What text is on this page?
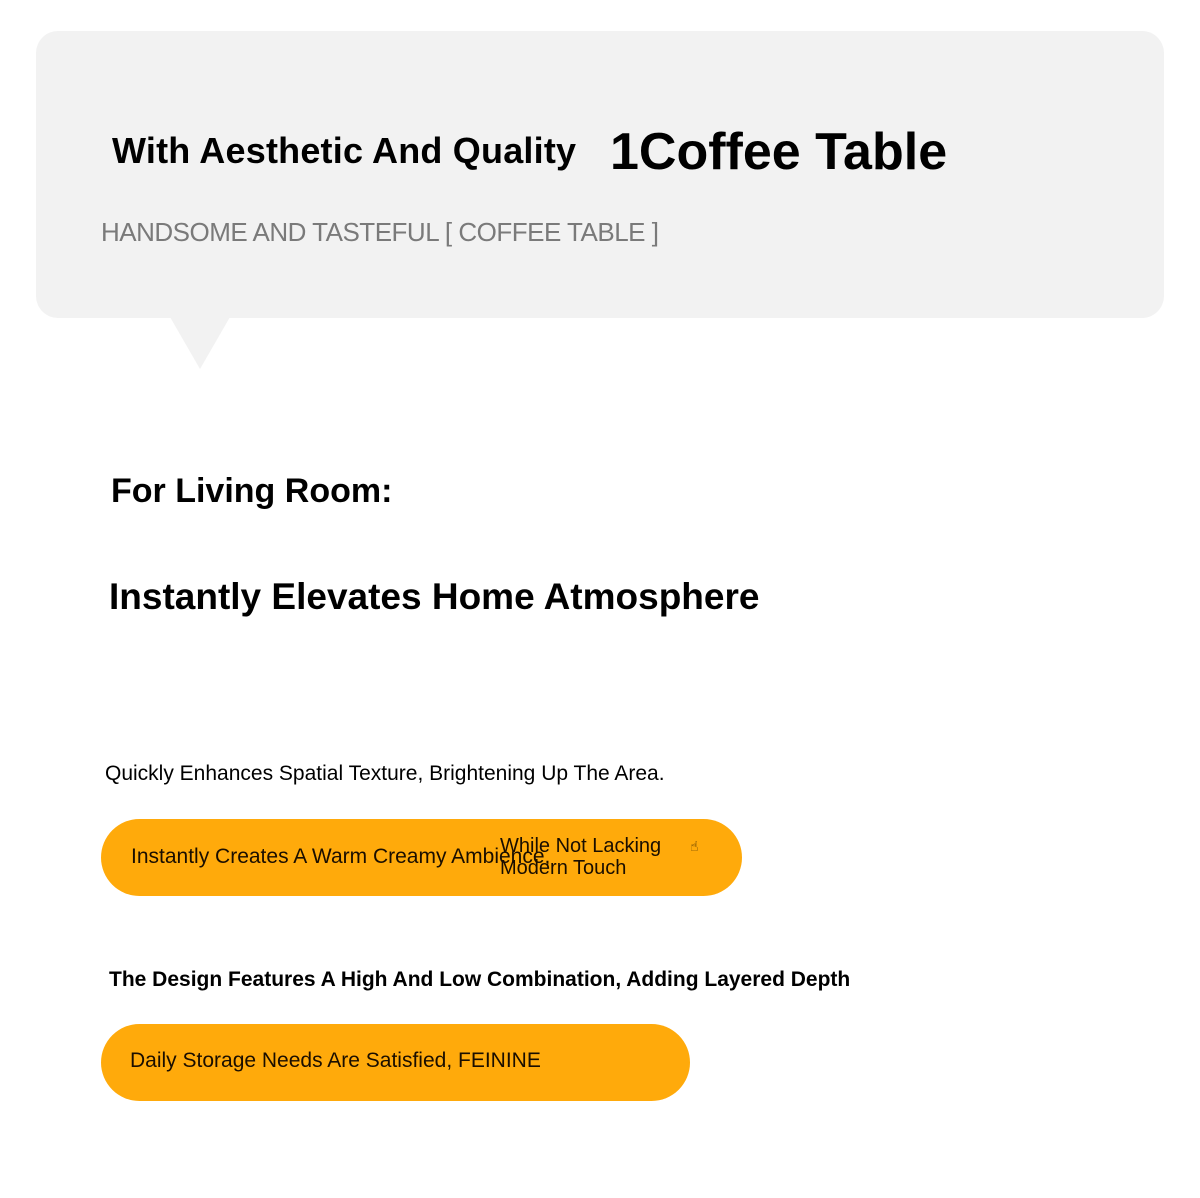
With Aesthetic And Quality 1Coffee Table
HANDSOME AND TASTEFUL [ COFFEE TABLE ]
For Living Room:
Instantly Elevates Home Atmosphere
Quickly Enhances Spatial Texture, Brightening Up The Area.
Instantly Creates A Warm Creamy Ambience,
While Not Lacking
Modern Touch
☝
The Design Features A High And Low Combination, Adding Layered Depth
Daily Storage Needs Are Satisfied, FEININE
